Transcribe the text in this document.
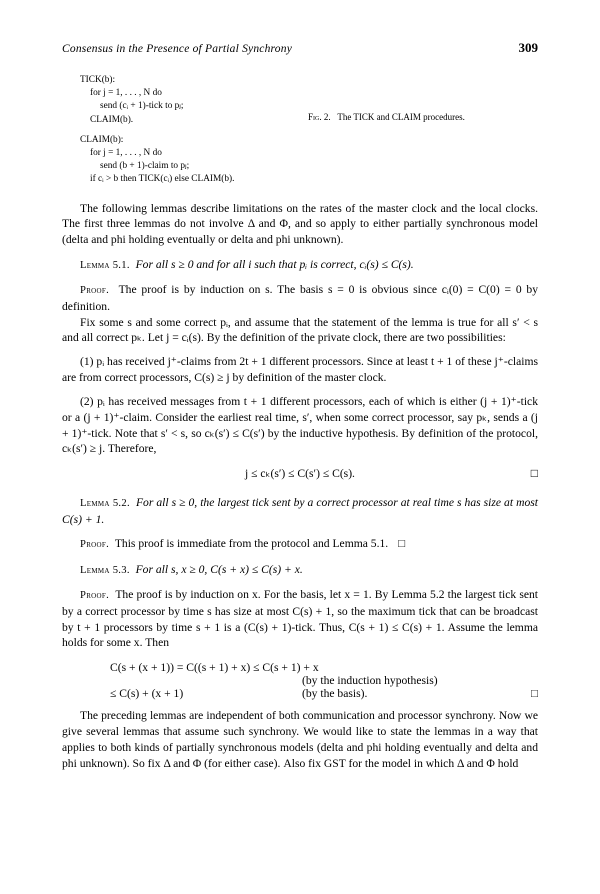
Consensus in the Presence of Partial Synchrony	309
TICK(b):
for j = 1, . . . , N do
send (cᵢ + 1)-tick to pⱼ;
CLAIM(b).
CLAIM(b):
for j = 1, . . . , N do
send (b + 1)-claim to pⱼ;
if cᵢ > b then TICK(cᵢ) else CLAIM(b).
Fig. 2. The TICK and CLAIM procedures.

The following lemmas describe limitations on the rates of the master clock and the local clocks. The first three lemmas do not involve Δ and Φ, and so apply to either partially synchronous model (delta and phi holding eventually or delta and phi unknown).

Lemma 5.1. For all s ≥ 0 and for all i such that pᵢ is correct, cᵢ(s) ≤ C(s).

Proof. The proof is by induction on s. The basis s = 0 is obvious since cᵢ(0) = C(0) = 0 by definition.

Fix some s and some correct pᵢ, and assume that the statement of the lemma is true for all s′ < s and all correct pₖ. Let j = cᵢ(s). By the definition of the private clock, there are two possibilities:

(1) pᵢ has received j⁺-claims from 2t + 1 different processors. Since at least t + 1 of these j⁺-claims are from correct processors, C(s) ≥ j by definition of the master clock.
(2) pᵢ has received messages from t + 1 different processors, each of which is either (j + 1)⁺-tick or a (j + 1)⁺-claim. Consider the earliest real time, s′, when some correct processor, say pₖ, sends a (j + 1)⁺-tick. Note that s′ < s, so cₖ(s′) ≤ C(s′) by the inductive hypothesis. By definition of the protocol, cₖ(s′) ≥ j. Therefore,
j ≤ cₖ(s′) ≤ C(s′) ≤ C(s).	□

Lemma 5.2. For all s ≥ 0, the largest tick sent by a correct processor at real time s has size at most C(s) + 1.

Proof. This proof is immediate from the protocol and Lemma 5.1. □

Lemma 5.3. For all s, x ≥ 0, C(s + x) ≤ C(s) + x.

Proof. The proof is by induction on x. For the basis, let x = 1. By Lemma 5.2 the largest tick sent by a correct processor by time s has size at most C(s) + 1, so the maximum tick that can be broadcast by t + 1 processors by time s + 1 is a (C(s) + 1)-tick. Thus, C(s + 1) ≤ C(s) + 1. Assume the lemma holds for some x. Then

C(s + (x + 1)) = C((s + 1) + x) ≤ C(s + 1) + x
(by the induction hypothesis)
≤ C(s) + (x + 1)	(by the basis).	□

The preceding lemmas are independent of both communication and processor synchrony. Now we give several lemmas that assume such synchrony. We would like to state the lemmas in a way that applies to both kinds of partially synchronous models (delta and phi holding eventually and delta and phi unknown). So fix Δ and Φ (for either case). Also fix GST for the model in which Δ and Φ hold
